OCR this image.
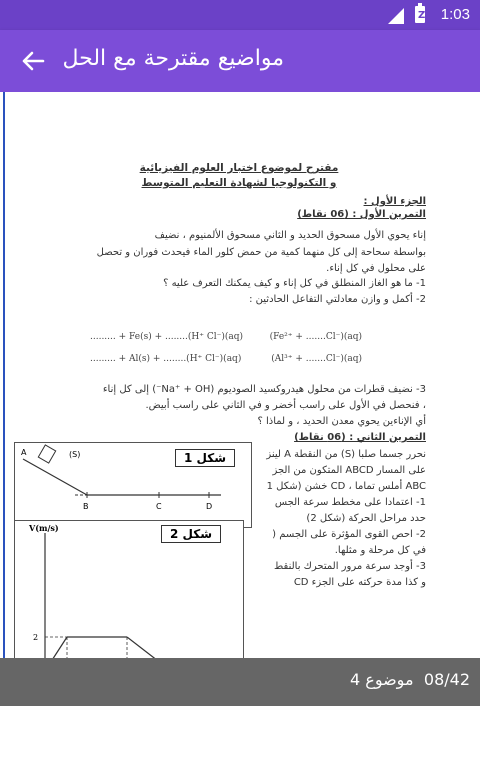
Z 1:03
مواضيع مقترحة مع الحل
مقترح لموضوع اختبار العلوم الفيزيائية
و التكنولوجيا لشهادة التعليم المتوسط
الجزء الأول :
التمرين الأول : (06 نقاط)
إناء يحوي الأول مسحوق الحديد و الثاني مسحوق الألمنيوم ، نضيف
بواسطة سحاحة إلى كل منهما كمية من حمض كلور الماء فيحدث فوران و تحصل
على محلول في كل إناء.
1- ما هو الغاز المنطلق في كل إناء و كيف يمكنك التعرف عليه ؟
2- أكمل و وازن معادلتي التفاعل الحادثين :
(Fe²⁺ + .......Cl⁻)(aq)
......... + Fe(s) + ........(H⁺ Cl⁻)(aq)
(Al³⁺ + .......Cl⁻)(aq)
......... + Al(s) + ........(H⁺ Cl⁻)(aq)
3- نضيف قطرات من محلول هيدروكسيد الصوديوم (Na⁺ + OH⁻) إلى كل إناء
، فنحصل في الأول على راسب أخضر و في الثاني على راسب أبيض.
أي الإناءين يحوي معدن الحديد ، و لماذا ؟
التمرين الثاني : (06 نقاط)
نحرر جسما صلبا (S) من النقطة A لينز
على المسار ABCD المتكون من الجز
ABC أملس تماما ، CD خشن (شكل 1
1- اعتمادا على مخطط سرعة الجس
حدد مراحل الحركة (شكل 2)
2- احص القوى المؤثرة على الجسم (
في كل مرحلة و مثلها.
3- أوجد سرعة مرور المتحرك بالنقط
و كذا مدة حركته على الجزء CD
A
B	C	D
(S)	شكل 1
V(m/s)
2
شكل 2
موضوع 4 08/42
